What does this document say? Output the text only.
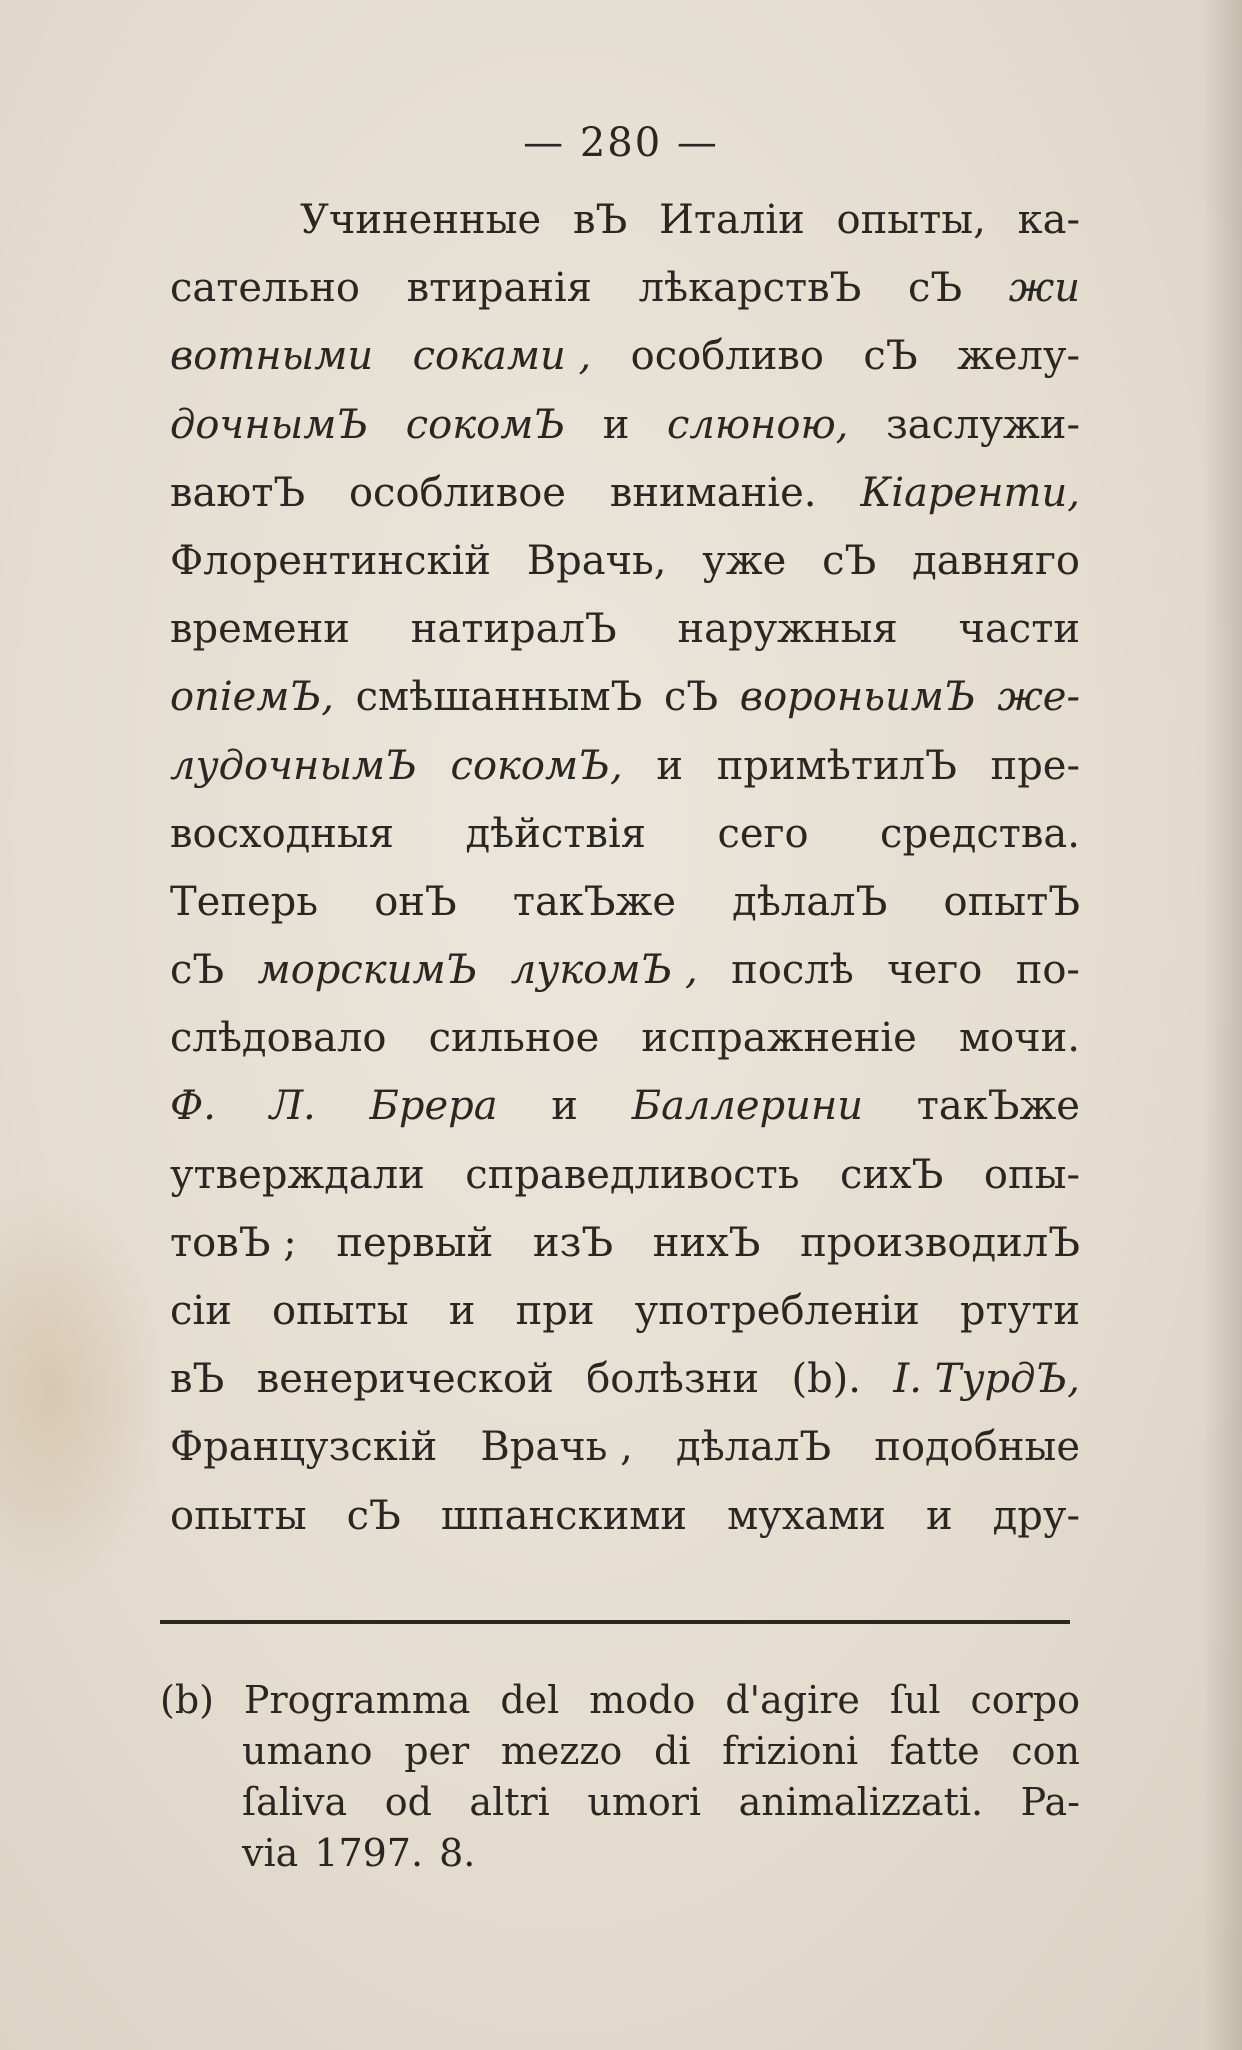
— 280 —
Учиненные вЪ Италіи опыты, ка-
сательно втиранія лѣкарствЪ сЪ жи
вотными соками , особливо сЪ желу-
дочнымЪ сокомЪ и слюною, заслужи-
ваютЪ особливое вниманіе. Кіаренти,
Флорентинскій Врачь, уже сЪ давняго
времени натиралЪ наружныя части
опіемЪ, смѣшаннымЪ сЪ вороньимЪ же-
лудочнымЪ сокомЪ, и примѣтилЪ пре-
восходныя дѣйствія сего средства.
Теперь онЪ такЪже дѣлалЪ опытЪ
сЪ морскимЪ лукомЪ , послѣ чего по-
слѣдовало сильное испражненіе мочи.
Ф. Л. Брера и Баллерини такЪже
утверждали справедливость сихЪ опы-
товЪ ; первый изЪ нихЪ производилЪ
сіи опыты и при употребленіи ртути
вЪ венерической болѣзни (b). I. ТурдЪ,
Французскій Врачь , дѣлалЪ подобные
опыты сЪ шпанскими мухами и дру-
(b) Programma del modo d'agire ſul corpo
umano per mezzo di frizioni fatte con
ſaliva od altri umori animalizzati. Pa-
via 1797. 8.
